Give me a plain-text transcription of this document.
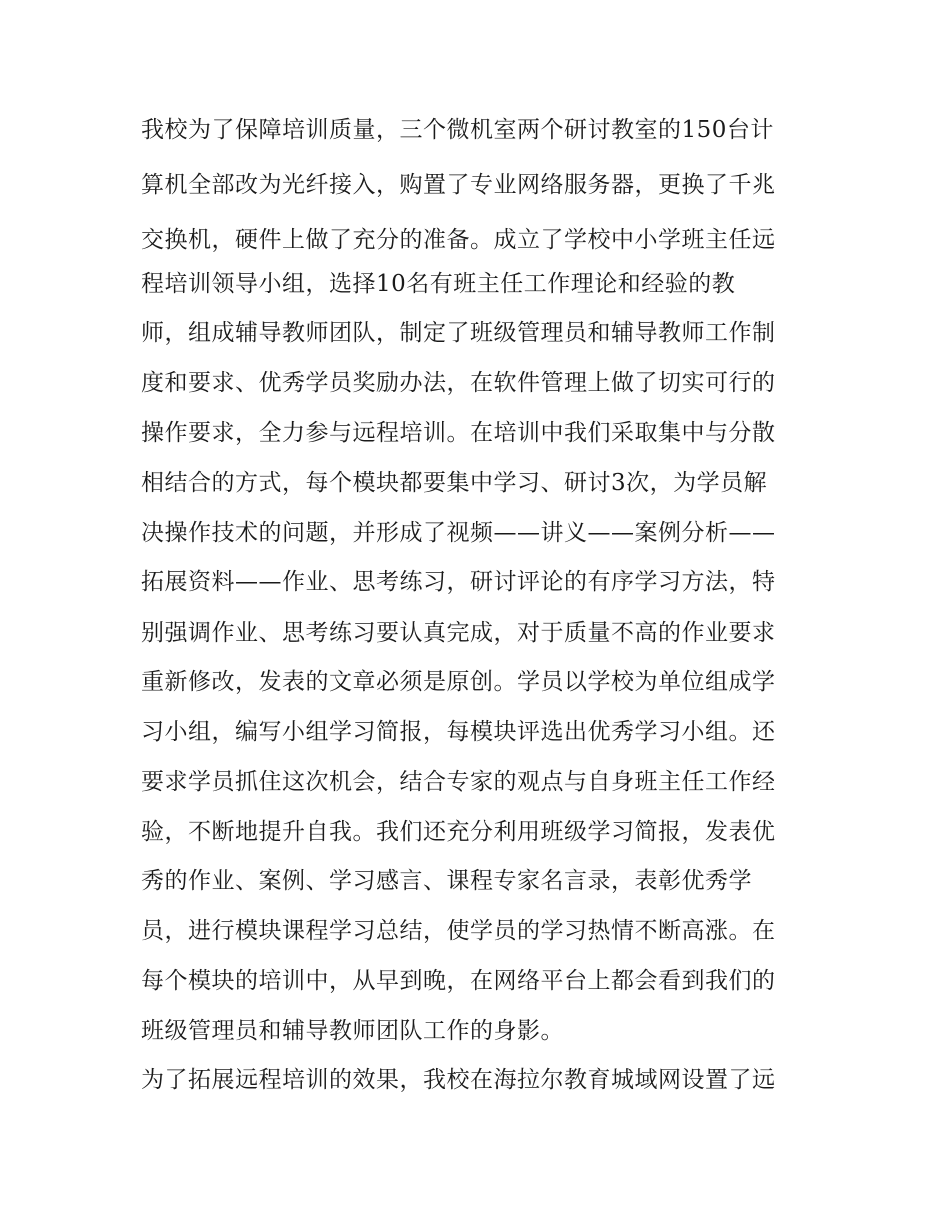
我校为了保障培训质量，三个微机室两个研讨教室的150台计
算机全部改为光纤接入，购置了专业网络服务器，更换了千兆
交换机，硬件上做了充分的准备。成立了学校中小学班主任远
程培训领导小组，选择10名有班主任工作理论和经验的教
师，组成辅导教师团队，制定了班级管理员和辅导教师工作制
度和要求、优秀学员奖励办法，在软件管理上做了切实可行的
操作要求，全力参与远程培训。在培训中我们采取集中与分散
相结合的方式，每个模块都要集中学习、研讨3次，为学员解
决操作技术的问题，并形成了视频——讲义——案例分析——
拓展资料——作业、思考练习，研讨评论的有序学习方法，特
别强调作业、思考练习要认真完成，对于质量不高的作业要求
重新修改，发表的文章必须是原创。学员以学校为单位组成学
习小组，编写小组学习简报，每模块评选出优秀学习小组。还
要求学员抓住这次机会，结合专家的观点与自身班主任工作经
验，不断地提升自我。我们还充分利用班级学习简报，发表优
秀的作业、案例、学习感言、课程专家名言录，表彰优秀学
员，进行模块课程学习总结，使学员的学习热情不断高涨。在
每个模块的培训中，从早到晚，在网络平台上都会看到我们的
班级管理员和辅导教师团队工作的身影。
为了拓展远程培训的效果，我校在海拉尔教育城域网设置了远
